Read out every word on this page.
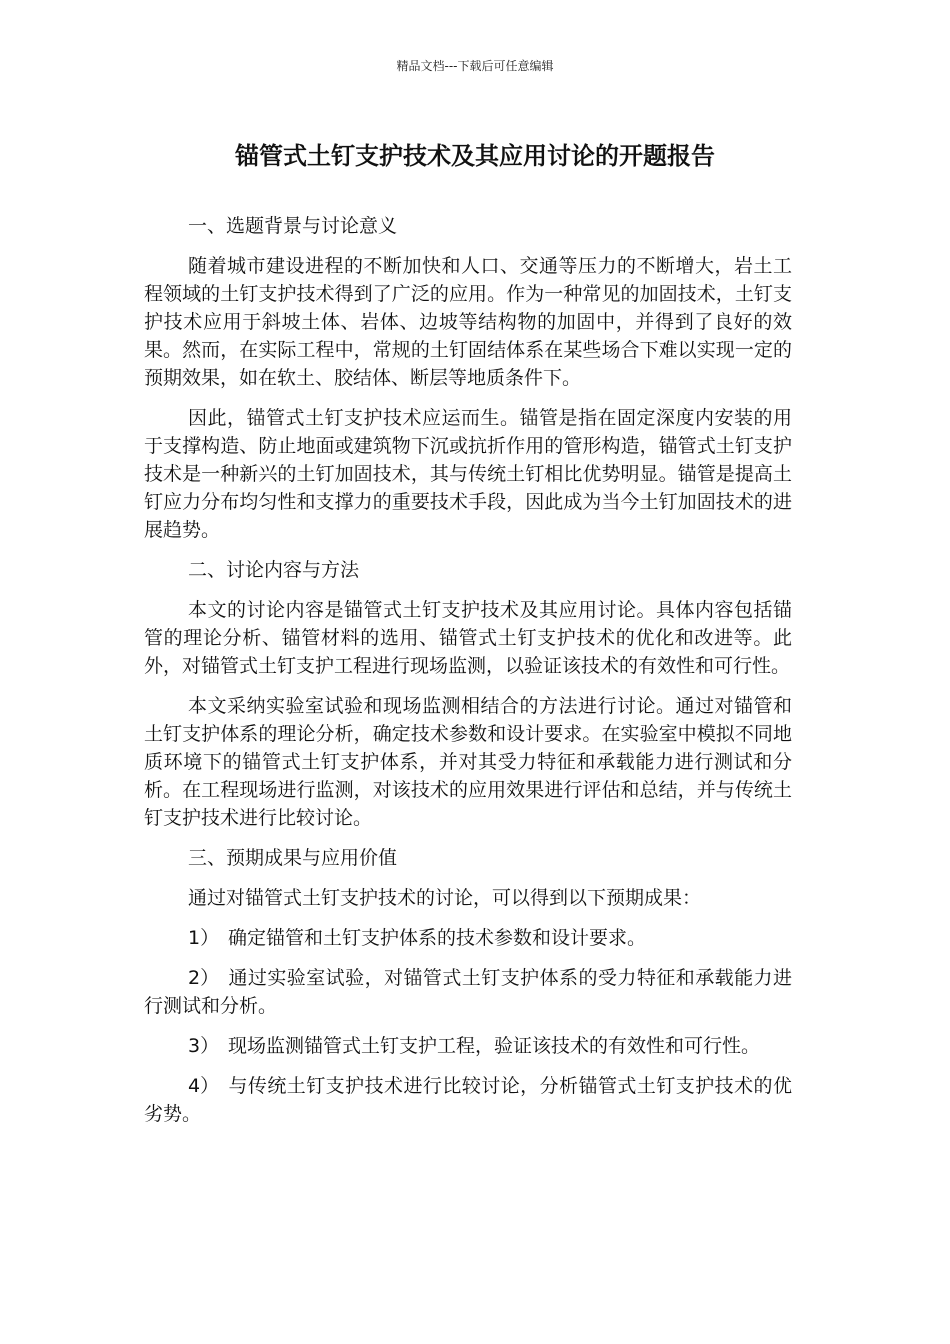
精品文档---下载后可任意编辑
锚管式土钉支护技术及其应用讨论的开题报告

一、选题背景与讨论意义

随着城市建设进程的不断加快和人口、交通等压力的不断增大，岩土工程领域的土钉支护技术得到了广泛的应用。作为一种常见的加固技术，土钉支护技术应用于斜坡土体、岩体、边坡等结构物的加固中，并得到了良好的效果。然而，在实际工程中，常规的土钉固结体系在某些场合下难以实现一定的预期效果，如在软土、胶结体、断层等地质条件下。

因此，锚管式土钉支护技术应运而生。锚管是指在固定深度内安装的用于支撑构造、防止地面或建筑物下沉或抗折作用的管形构造，锚管式土钉支护技术是一种新兴的土钉加固技术，其与传统土钉相比优势明显。锚管是提高土钉应力分布均匀性和支撑力的重要技术手段，因此成为当今土钉加固技术的进展趋势。

二、讨论内容与方法

本文的讨论内容是锚管式土钉支护技术及其应用讨论。具体内容包括锚管的理论分析、锚管材料的选用、锚管式土钉支护技术的优化和改进等。此外，对锚管式土钉支护工程进行现场监测，以验证该技术的有效性和可行性。

本文采纳实验室试验和现场监测相结合的方法进行讨论。通过对锚管和土钉支护体系的理论分析，确定技术参数和设计要求。在实验室中模拟不同地质环境下的锚管式土钉支护体系，并对其受力特征和承载能力进行测试和分析。在工程现场进行监测，对该技术的应用效果进行评估和总结，并与传统土钉支护技术进行比较讨论。

三、预期成果与应用价值

通过对锚管式土钉支护技术的讨论，可以得到以下预期成果：

1） 确定锚管和土钉支护体系的技术参数和设计要求。

2） 通过实验室试验，对锚管式土钉支护体系的受力特征和承载能力进行测试和分析。

3） 现场监测锚管式土钉支护工程，验证该技术的有效性和可行性。

4） 与传统土钉支护技术进行比较讨论，分析锚管式土钉支护技术的优劣势。
